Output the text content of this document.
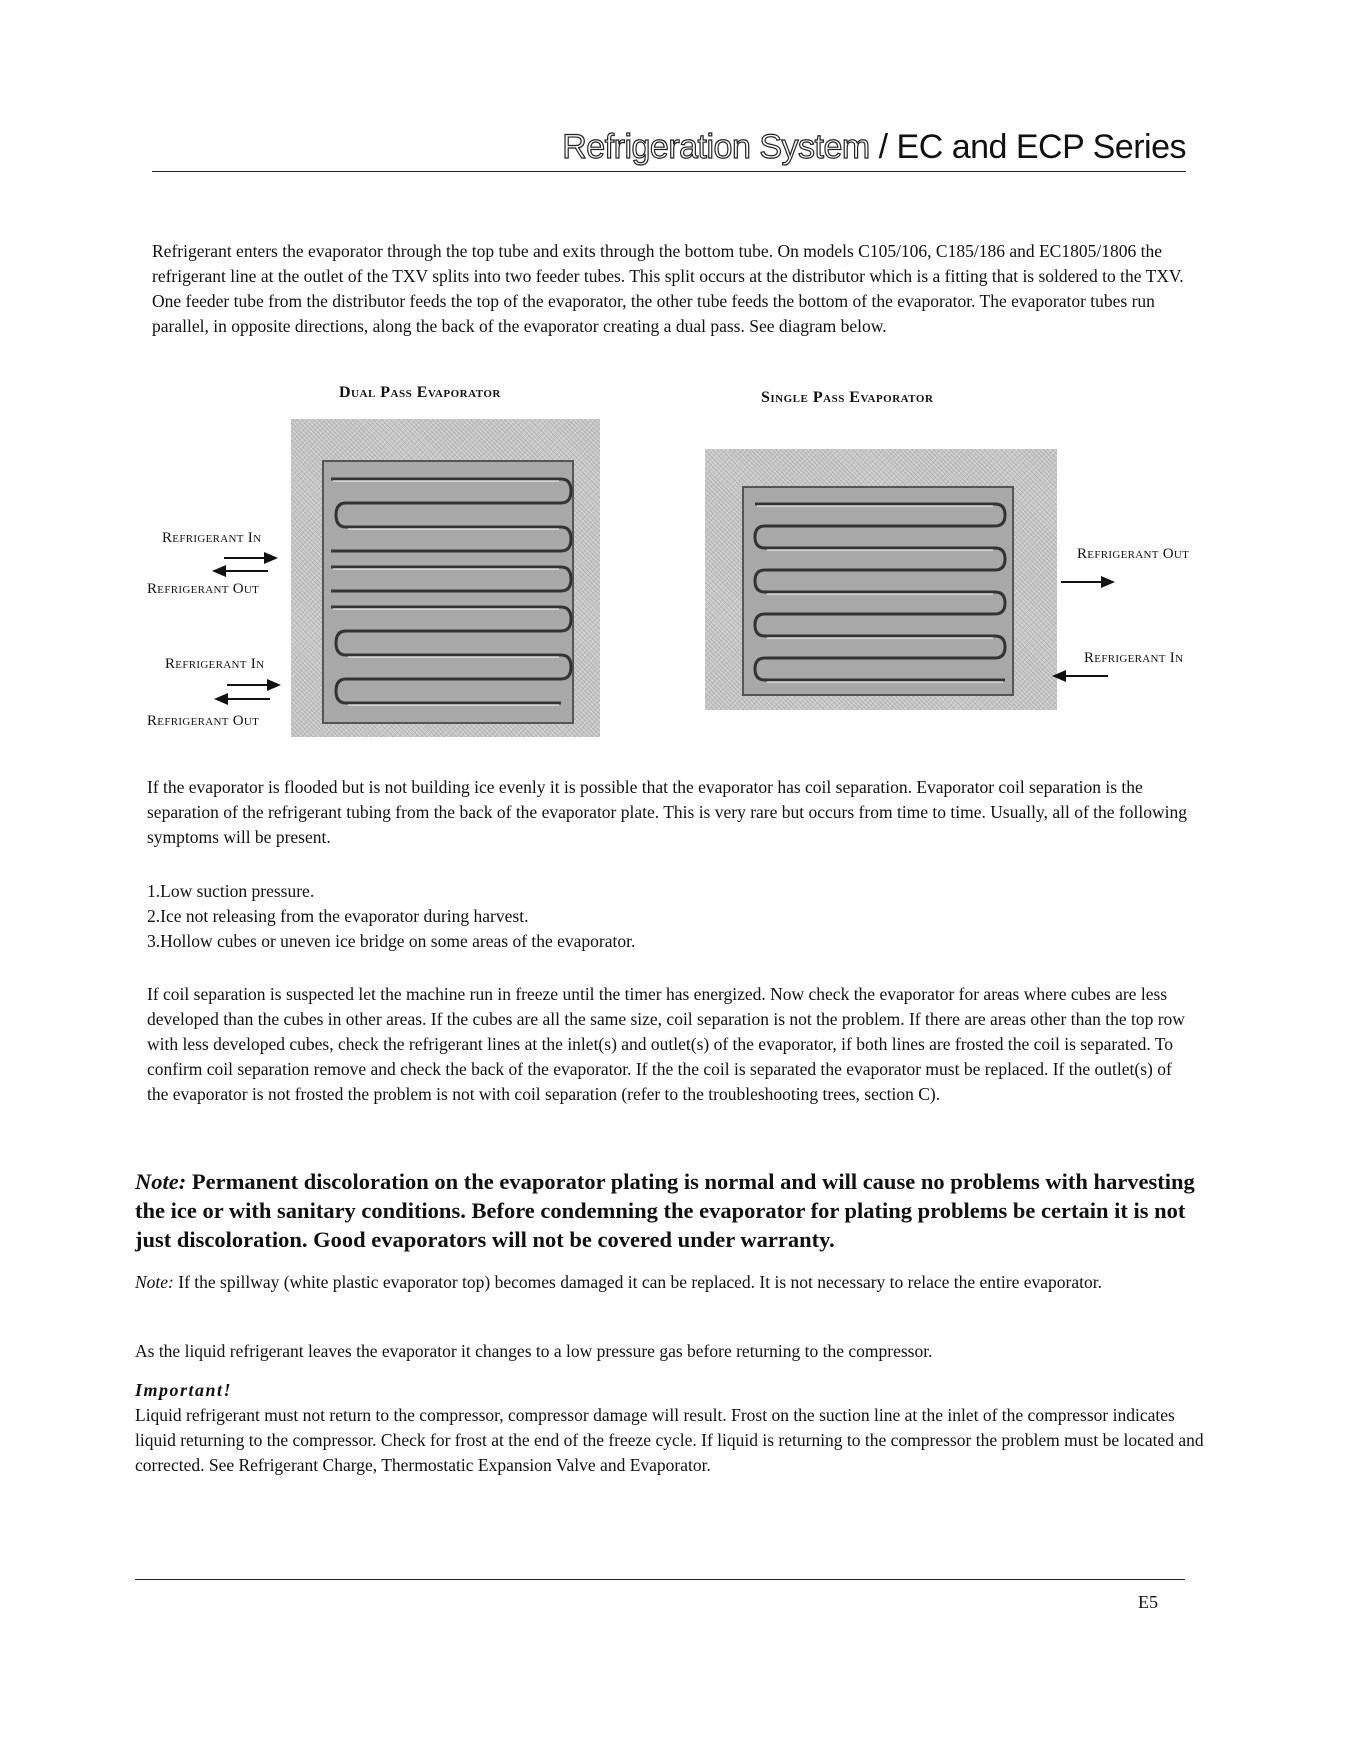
Refrigeration System / EC and ECP Series

Refrigerant enters the evaporator through the top tube and exits through the bottom tube. On models C105/106, C185/186 and EC1805/1806 the refrigerant line at the outlet of the TXV splits into two feeder tubes. This split occurs at the distributor which is a fitting that is soldered to the TXV. One feeder tube from the distributor feeds the top of the evaporator, the other tube feeds the bottom of the evaporator. The evaporator tubes run parallel, in opposite directions, along the back of the evaporator creating a dual pass. See diagram below.

Dual Pass Evaporator	Single Pass Evaporator
Refrigerant In
Refrigerant Out
Refrigerant In
Refrigerant Out
Refrigerant Out
Refrigerant In

If the evaporator is flooded but is not building ice evenly it is possible that the evaporator has coil separation. Evaporator coil separation is the separation of the refrigerant tubing from the back of the evaporator plate. This is very rare but occurs from time to time. Usually, all of the following symptoms will be present.

1.Low suction pressure.
2.Ice not releasing from the evaporator during harvest.
3.Hollow cubes or uneven ice bridge on some areas of the evaporator.

If coil separation is suspected let the machine run in freeze until the timer has energized. Now check the evaporator for areas where cubes are less developed than the cubes in other areas. If the cubes are all the same size, coil separation is not the problem. If there are areas other than the top row with less developed cubes, check the refrigerant lines at the inlet(s) and outlet(s) of the evaporator, if both lines are frosted the coil is separated. To confirm coil separation remove and check the back of the evaporator. If the the coil is separated the evaporator must be replaced. If the outlet(s) of the evaporator is not frosted the problem is not with coil separation (refer to the troubleshooting trees, section C).

Note: Permanent discoloration on the evaporator plating is normal and will cause no problems with harvesting the ice or with sanitary conditions. Before condemning the evaporator for plating problems be certain it is not just discoloration. Good evaporators will not be covered under warranty.

Note: If the spillway (white plastic evaporator top) becomes damaged it can be replaced. It is not necessary to relace the entire evaporator.

As the liquid refrigerant leaves the evaporator it changes to a low pressure gas before returning to the compressor.

Important!

Liquid refrigerant must not return to the compressor, compressor damage will result. Frost on the suction line at the inlet of the compressor indicates liquid returning to the compressor. Check for frost at the end of the freeze cycle. If liquid is returning to the compressor the problem must be located and corrected. See Refrigerant Charge, Thermostatic Expansion Valve and Evaporator.

E5
